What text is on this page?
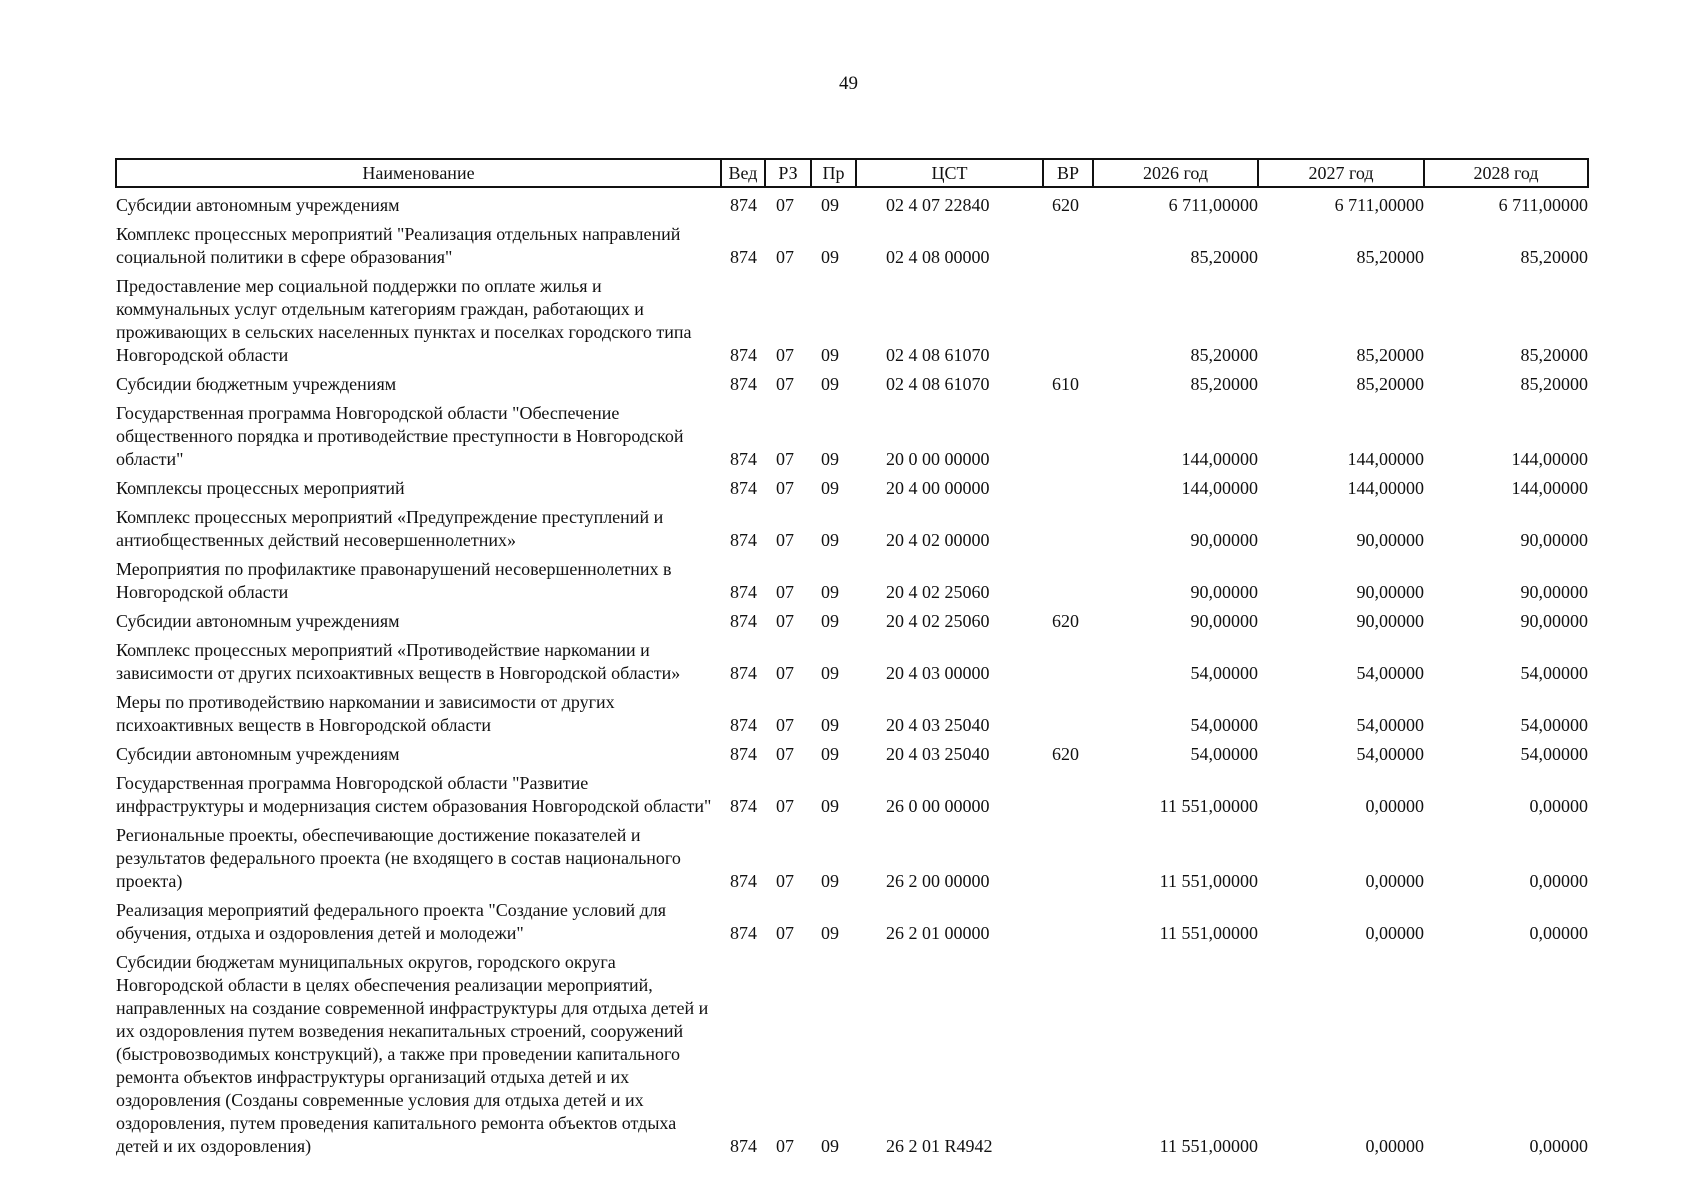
49
Наименование	Вед	РЗ	Пр	ЦСТ	ВР	2026 год	2027 год	2028 год
Субсидии автономным учреждениям	874	07	09	02 4 07 22840	620	6 711,00000	6 711,00000	6 711,00000
Комплекс процессных мероприятий "Реализация отдельных направлений социальной политики в сфере образования"	874	07	09	02 4 08 00000		85,20000	85,20000	85,20000
Предоставление мер социальной поддержки по оплате жилья и коммунальных услуг отдельным категориям граждан, работающих и проживающих в сельских населенных пунктах и поселках городского типа Новгородской области	874	07	09	02 4 08 61070		85,20000	85,20000	85,20000
Субсидии бюджетным учреждениям	874	07	09	02 4 08 61070	610	85,20000	85,20000	85,20000
Государственная программа Новгородской области "Обеспечение общественного порядка и противодействие преступности в Новгородской области"	874	07	09	20 0 00 00000		144,00000	144,00000	144,00000
Комплексы процессных мероприятий	874	07	09	20 4 00 00000		144,00000	144,00000	144,00000
Комплекс процессных мероприятий «Предупреждение преступлений и антиобщественных действий несовершеннолетних»	874	07	09	20 4 02 00000		90,00000	90,00000	90,00000
Мероприятия по профилактике правонарушений несовершеннолетних в Новгородской области	874	07	09	20 4 02 25060		90,00000	90,00000	90,00000
Субсидии автономным учреждениям	874	07	09	20 4 02 25060	620	90,00000	90,00000	90,00000
Комплекс процессных мероприятий «Противодействие наркомании и зависимости от других психоактивных веществ в Новгородской области»	874	07	09	20 4 03 00000		54,00000	54,00000	54,00000
Меры по противодействию наркомании и зависимости от других психоактивных веществ в Новгородской области	874	07	09	20 4 03 25040		54,00000	54,00000	54,00000
Субсидии автономным учреждениям	874	07	09	20 4 03 25040	620	54,00000	54,00000	54,00000
Государственная программа Новгородской области "Развитие инфраструктуры и модернизация систем образования Новгородской области"	874	07	09	26 0 00 00000		11 551,00000	0,00000	0,00000
Региональные проекты, обеспечивающие достижение показателей и результатов федерального проекта (не входящего в состав национального проекта)	874	07	09	26 2 00 00000		11 551,00000	0,00000	0,00000
Реализация мероприятий федерального проекта "Создание условий для обучения, отдыха и оздоровления детей и молодежи"	874	07	09	26 2 01 00000		11 551,00000	0,00000	0,00000
Субсидии бюджетам муниципальных округов, городского округа Новгородской области в целях обеспечения реализации мероприятий, направленных на создание современной инфраструктуры для отдыха детей и их оздоровления путем возведения некапитальных строений, сооружений (быстровозводимых конструкций), а также при проведении капитального ремонта объектов инфраструктуры организаций отдыха детей и их оздоровления (Созданы современные условия для отдыха детей и их оздоровления, путем проведения капитального ремонта объектов отдыха детей и их оздоровления)	874	07	09	26 2 01 R4942		11 551,00000	0,00000	0,00000
